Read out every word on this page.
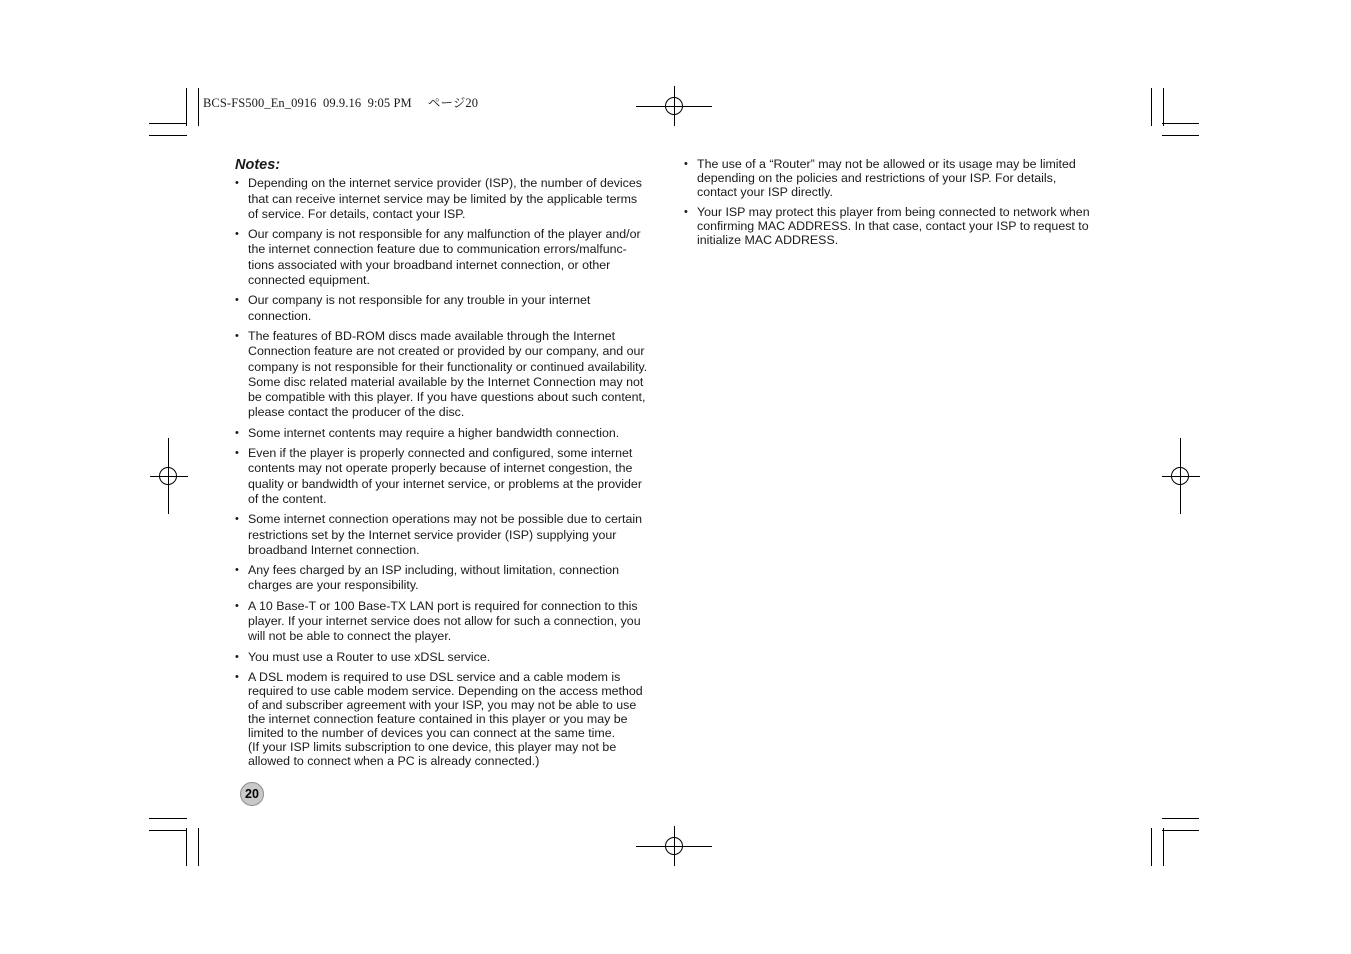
BCS-FS500_En_0916  09.9.16  9:05 PM     ページ20
Notes:
• Depending on the internet service provider (ISP), the number of devices
that can receive internet service may be limited by the applicable terms
of service. For details, contact your ISP.
• Our company is not responsible for any malfunction of the player and/or
the internet connection feature due to communication errors/malfunc-
tions associated with your broadband internet connection, or other
connected equipment.
• Our company is not responsible for any trouble in your internet
connection.
• The features of BD-ROM discs made available through the Internet
Connection feature are not created or provided by our company, and our
company is not responsible for their functionality or continued availability.
Some disc related material available by the Internet Connection may not
be compatible with this player. If you have questions about such content,
please contact the producer of the disc.
• Some internet contents may require a higher bandwidth connection.
• Even if the player is properly connected and configured, some internet
contents may not operate properly because of internet congestion, the
quality or bandwidth of your internet service, or problems at the provider
of the content.
• Some internet connection operations may not be possible due to certain
restrictions set by the Internet service provider (ISP) supplying your
broadband Internet connection.
• Any fees charged by an ISP including, without limitation, connection
charges are your responsibility.
• A 10 Base-T or 100 Base-TX LAN port is required for connection to this
player. If your internet service does not allow for such a connection, you
will not be able to connect the player.
• You must use a Router to use xDSL service.
• A DSL modem is required to use DSL service and a cable modem is
required to use cable modem service. Depending on the access method
of and subscriber agreement with your ISP, you may not be able to use
the internet connection feature contained in this player or you may be
limited to the number of devices you can connect at the same time.
(If your ISP limits subscription to one device, this player may not be
allowed to connect when a PC is already connected.)
• The use of a “Router” may not be allowed or its usage may be limited
depending on the policies and restrictions of your ISP. For details,
contact your ISP directly.
• Your ISP may protect this player from being connected to network when
confirming MAC ADDRESS. In that case, contact your ISP to request to
initialize MAC ADDRESS.
20
